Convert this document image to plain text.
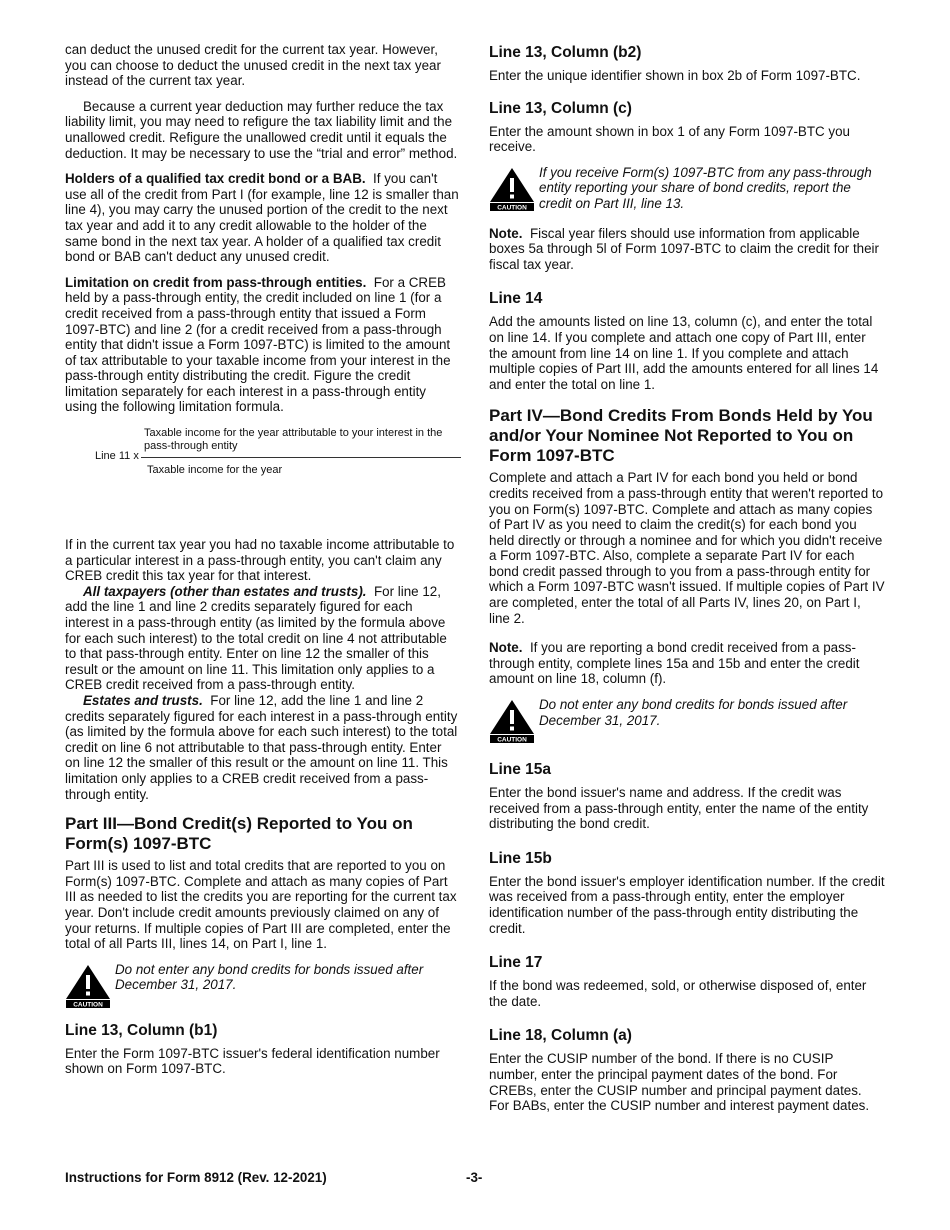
can deduct the unused credit for the current tax year. However, you can choose to deduct the unused credit in the next tax year instead of the current tax year.

Because a current year deduction may further reduce the tax liability limit, you may need to refigure the tax liability limit and the unallowed credit. Refigure the unallowed credit until it equals the deduction. It may be necessary to use the “trial and error” method.

Holders of a qualified tax credit bond or a BAB. If you can't use all of the credit from Part I (for example, line 12 is smaller than line 4), you may carry the unused portion of the credit to the next tax year and add it to any credit allowable to the holder of the same bond in the next tax year. A holder of a qualified tax credit bond or BAB can't deduct any unused credit.

Limitation on credit from pass-through entities. For a CREB held by a pass-through entity, the credit included on line 1 (for a credit received from a pass-through entity that issued a Form 1097-BTC) and line 2 (for a credit received from a pass-through entity that didn't issue a Form 1097-BTC) is limited to the amount of tax attributable to your taxable income from your interest in the pass-through entity distributing the credit. Figure the credit limitation separately for each interest in a pass-through entity using the following limitation formula.

Line 11 x
Taxable income for the year attributable to your interest in the pass-through entity
Taxable income for the year

If in the current tax year you had no taxable income attributable to a particular interest in a pass-through entity, you can't claim any CREB credit this tax year for that interest.

All taxpayers (other than estates and trusts). For line 12, add the line 1 and line 2 credits separately figured for each interest in a pass-through entity (as limited by the formula above for each such interest) to the total credit on line 4 not attributable to that pass-through entity. Enter on line 12 the smaller of this result or the amount on line 11. This limitation only applies to a CREB credit received from a pass-through entity.

Estates and trusts. For line 12, add the line 1 and line 2 credits separately figured for each interest in a pass-through entity (as limited by the formula above for each such interest) to the total credit on line 6 not attributable to that pass-through entity. Enter on line 12 the smaller of this result or the amount on line 11. This limitation only applies to a CREB credit received from a pass-through entity.

Part III—Bond Credit(s) Reported to You on Form(s) 1097-BTC

Part III is used to list and total credits that are reported to you on Form(s) 1097-BTC. Complete and attach as many copies of Part III as needed to list the credits you are reporting for the current tax year. Don't include credit amounts previously claimed on any of your returns. If multiple copies of Part III are completed, enter the total of all Parts III, lines 14, on Part I, line 1.

CAUTION
Do not enter any bond credits for bonds issued after December 31, 2017.
Line 13, Column (b1)

Enter the Form 1097-BTC issuer's federal identification number shown on Form 1097-BTC.

Line 13, Column (b2)

Enter the unique identifier shown in box 2b of Form 1097-BTC.

Line 13, Column (c)

Enter the amount shown in box 1 of any Form 1097-BTC you receive.

CAUTION
If you receive Form(s) 1097-BTC from any pass-through entity reporting your share of bond credits, report the credit on Part III, line 13.

Note. Fiscal year filers should use information from applicable boxes 5a through 5l of Form 1097-BTC to claim the credit for their fiscal tax year.

Line 14

Add the amounts listed on line 13, column (c), and enter the total on line 14. If you complete and attach one copy of Part III, enter the amount from line 14 on line 1. If you complete and attach multiple copies of Part III, add the amounts entered for all lines 14 and enter the total on line 1.

Part IV—Bond Credits From Bonds Held by You and/or Your Nominee Not Reported to You on Form 1097-BTC

Complete and attach a Part IV for each bond you held or bond credits received from a pass-through entity that weren't reported to you on Form(s) 1097-BTC. Complete and attach as many copies of Part IV as you need to claim the credit(s) for each bond you held directly or through a nominee and for which you didn't receive a Form 1097-BTC. Also, complete a separate Part IV for each bond credit passed through to you from a pass-through entity for which a Form 1097-BTC wasn't issued. If multiple copies of Part IV are completed, enter the total of all Parts IV, lines 20, on Part I, line 2.

Note. If you are reporting a bond credit received from a pass-through entity, complete lines 15a and 15b and enter the credit amount on line 18, column (f).

CAUTION
Do not enter any bond credits for bonds issued after December 31, 2017.
Line 15a

Enter the bond issuer's name and address. If the credit was received from a pass-through entity, enter the name of the entity distributing the bond credit.

Line 15b

Enter the bond issuer's employer identification number. If the credit was received from a pass-through entity, enter the employer identification number of the pass-through entity distributing the credit.

Line 17

If the bond was redeemed, sold, or otherwise disposed of, enter the date.

Line 18, Column (a)

Enter the CUSIP number of the bond. If there is no CUSIP number, enter the principal payment dates of the bond. For CREBs, enter the CUSIP number and principal payment dates. For BABs, enter the CUSIP number and interest payment dates.

Instructions for Form 8912 (Rev. 12-2021)	-3-
